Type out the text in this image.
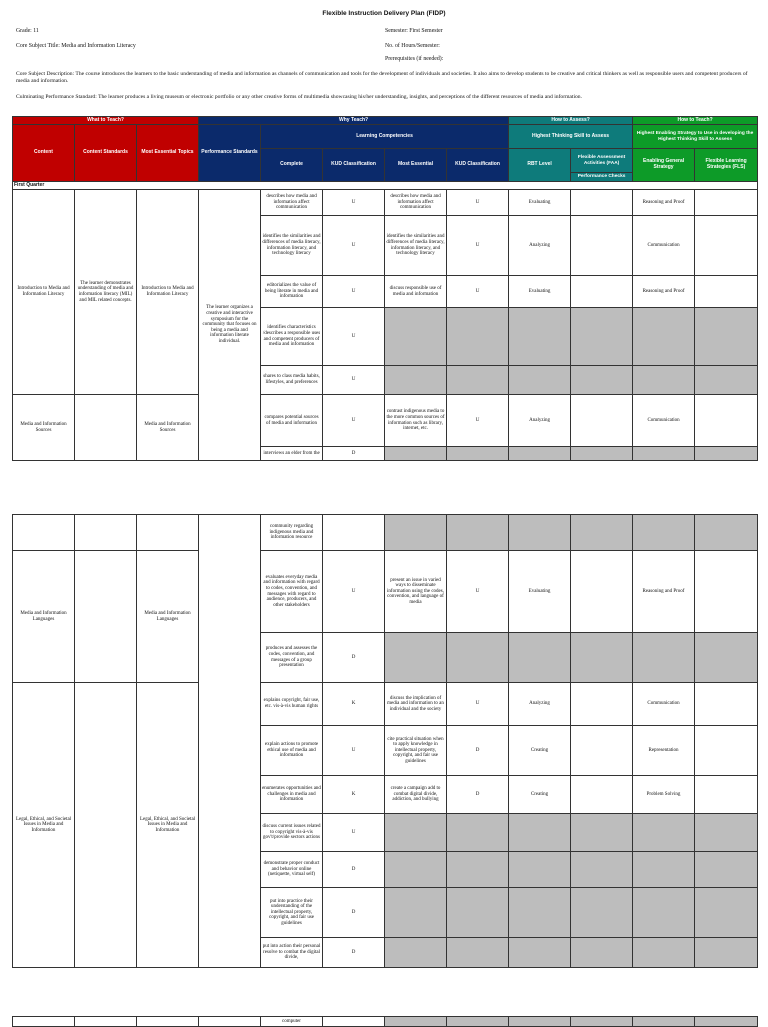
Flexible Instruction Delivery Plan (FIDP)
Grade: 11	Semester: First Semester
Core Subject Title: Media and Information Literacy	No. of Hours/Semester:
Prerequisites (if needed):
Core Subject Description: The course introduces the learners to the basic understanding of media and information as channels of communication and tools for the development of individuals and societies. It also aims to develop students to be creative and critical thinkers as well as responsible users and competent producers of media and information.
Culminating Performance Standard: The learner produces a living museum or electronic portfolio or any other creative forms of multimedia showcasing his/her understanding, insights, and perceptions of the different resources of media and information.
What to Teach?			Why Teach?					How to Assess?		How to Teach?	
Content	Content Standards	Most Essential Topics	Performance Standards	Learning Competencies				Highest Thinking Skill to Assess		Highest Enabling Strategy to Use in developing the Highest Thinking Skill to Assess	
				Complete	KUD Classification	Most Essential	KUD Classification	RBT Level	Flexible Assessment Activities (FAA)	Enabling General Strategy	Flexible Learning Strategies (FLS)
									Performance Checks		
First Quarter											
Introduction to Media and Information Literacy	The learner demonstrates understanding of media and information literacy (MIL) and MIL related concepts.	Introduction to Media and Information Literacy	The learner organizes a creative and interactive symposium for the community that focuses on being a media and information literate individual.	describes how media and information affect communication	U	describes how media and information affect communication	U	Evaluating		Reasoning and Proof	
				identifies the similarities and differences of media literacy, information literacy, and technology literacy	U	identifies the similarities and differences of media literacy, information literacy, and technology literacy	U	Analyzing		Communication	
				editorializes the value of being literate in media and information	U	discuss responsible use of media and information	U	Evaluating		Reasoning and Proof	
				identifies characteristics /describes a responsible uses and competent producers of media and information	U						
				shares to class media habits, lifestyles, and preferences	U						
Media and Information Sources		Media and Information Sources		compares potential sources of media and information	U	contrast indigenous media to the more common sources of information such as library, internet, etc.	U	Analyzing		Communication	
				interviews an elder from the	D						
				community regarding indigenous media and information resource							
Media and Information Languages		Media and Information Languages		evaluates everyday media and information with regard to codes, convention, and messages with regard to audience, producers, and other stakeholders	U	present an issue in varied ways to disseminate information using the codes, convention, and language of media	U	Evaluating		Reasoning and Proof	
				produces and assesses the codes, convention, and messages of a group presentation	D						
Legal, Ethical, and Societal Issues in Media and Information		Legal, Ethical, and Societal Issues in Media and Information		explains copyright, fair use, etc. vis-à-vis human rights	K	discuss the implication of media and information to an individual and the society	U	Analyzing		Communication	
				explain actions to promote ethical use of media and information	U	cite practical situation when to apply knowledge in intellectual property, copyright, and fair use guidelines	D	Creating		Representation	
				enumerates opportunities and challenges in media and information	K	create a campaign add to combat digital divide, addiction, and bullying	D	Creating		Problem Solving	
				discuss current issues related to copyright vis-à-vis gov't/provide sectors actions	U						
				demonstrate proper conduct and behavior online (netiquette, virtual self)	D						
				put into practice their understanding of the intellectual property, copyright, and fair use guidelines	D						
				put into action their personal resolve to combat the digital divide,	D						
				computer							
